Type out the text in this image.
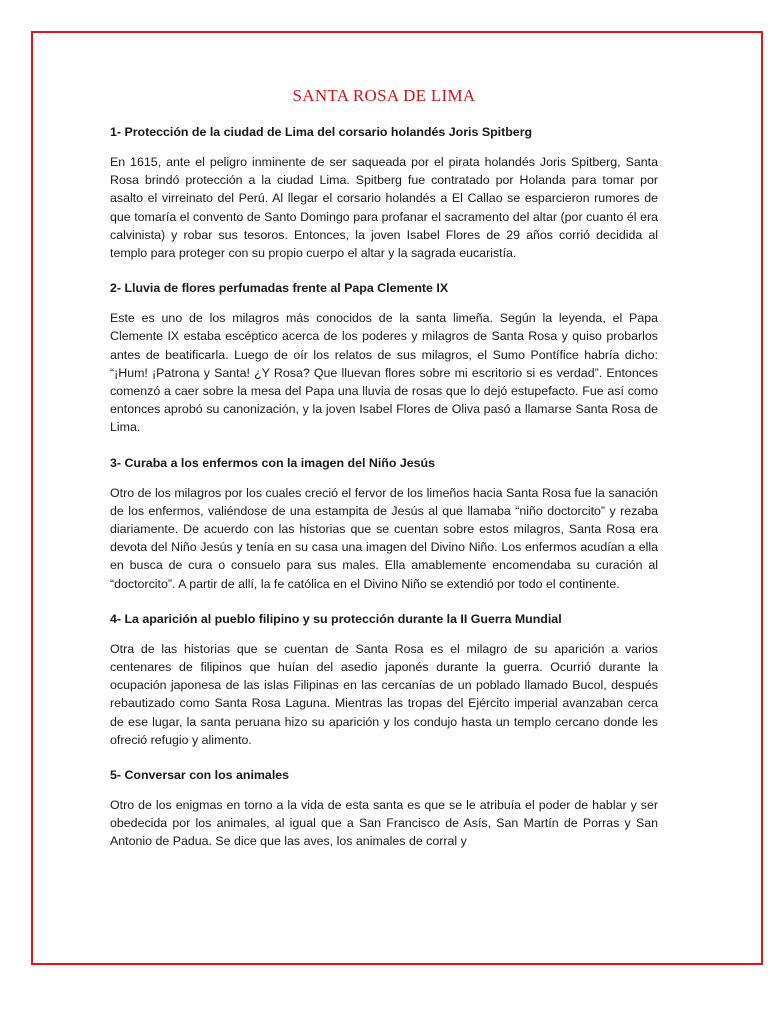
SANTA ROSA DE LIMA
1- Protección de la ciudad de Lima del corsario holandés Joris Spitberg

En 1615, ante el peligro inminente de ser saqueada por el pirata holandés Joris Spitberg, Santa Rosa brindó protección a la ciudad Lima. Spitberg fue contratado por Holanda para tomar por asalto el virreinato del Perú. Al llegar el corsario holandés a El Callao se esparcieron rumores de que tomaría el convento de Santo Domingo para profanar el sacramento del altar (por cuanto él era calvinista) y robar sus tesoros. Entonces, la joven Isabel Flores de 29 años corrió decidida al templo para proteger con su propio cuerpo el altar y la sagrada eucaristía.

2- Lluvia de flores perfumadas frente al Papa Clemente IX

Este es uno de los milagros más conocidos de la santa limeña. Según la leyenda, el Papa Clemente IX estaba escéptico acerca de los poderes y milagros de Santa Rosa y quiso probarlos antes de beatificarla. Luego de oír los relatos de sus milagros, el Sumo Pontífice habría dicho: “¡Hum! ¡Patrona y Santa! ¿Y Rosa? Que lluevan flores sobre mi escritorio si es verdad”. Entonces comenzó a caer sobre la mesa del Papa una lluvia de rosas que lo dejó estupefacto. Fue así como entonces aprobó su canonización, y la joven Isabel Flores de Oliva pasó a llamarse Santa Rosa de Lima.

3- Curaba a los enfermos con la imagen del Niño Jesús

Otro de los milagros por los cuales creció el fervor de los limeños hacia Santa Rosa fue la sanación de los enfermos, valiéndose de una estampita de Jesús al que llamaba “niño doctorcito” y rezaba diariamente. De acuerdo con las historias que se cuentan sobre estos milagros, Santa Rosa era devota del Niño Jesús y tenía en su casa una imagen del Divino Niño. Los enfermos acudían a ella en busca de cura o consuelo para sus males. Ella amablemente encomendaba su curación al “doctorcito”. A partir de allí, la fe católica en el Divino Niño se extendió por todo el continente.

4- La aparición al pueblo filipino y su protección durante la II Guerra Mundial

Otra de las historias que se cuentan de Santa Rosa es el milagro de su aparición a varios centenares de filipinos que huían del asedio japonés durante la guerra. Ocurrió durante la ocupación japonesa de las islas Filipinas en las cercanías de un poblado llamado Bucol, después rebautizado como Santa Rosa Laguna. Mientras las tropas del Ejército imperial avanzaban cerca de ese lugar, la santa peruana hizo su aparición y los condujo hasta un templo cercano donde les ofreció refugio y alimento.

5- Conversar con los animales

Otro de los enigmas en torno a la vida de esta santa es que se le atribuía el poder de hablar y ser obedecida por los animales, al igual que a San Francisco de Asís, San Martín de Porras y San Antonio de Padua. Se dice que las aves, los animales de corral y
